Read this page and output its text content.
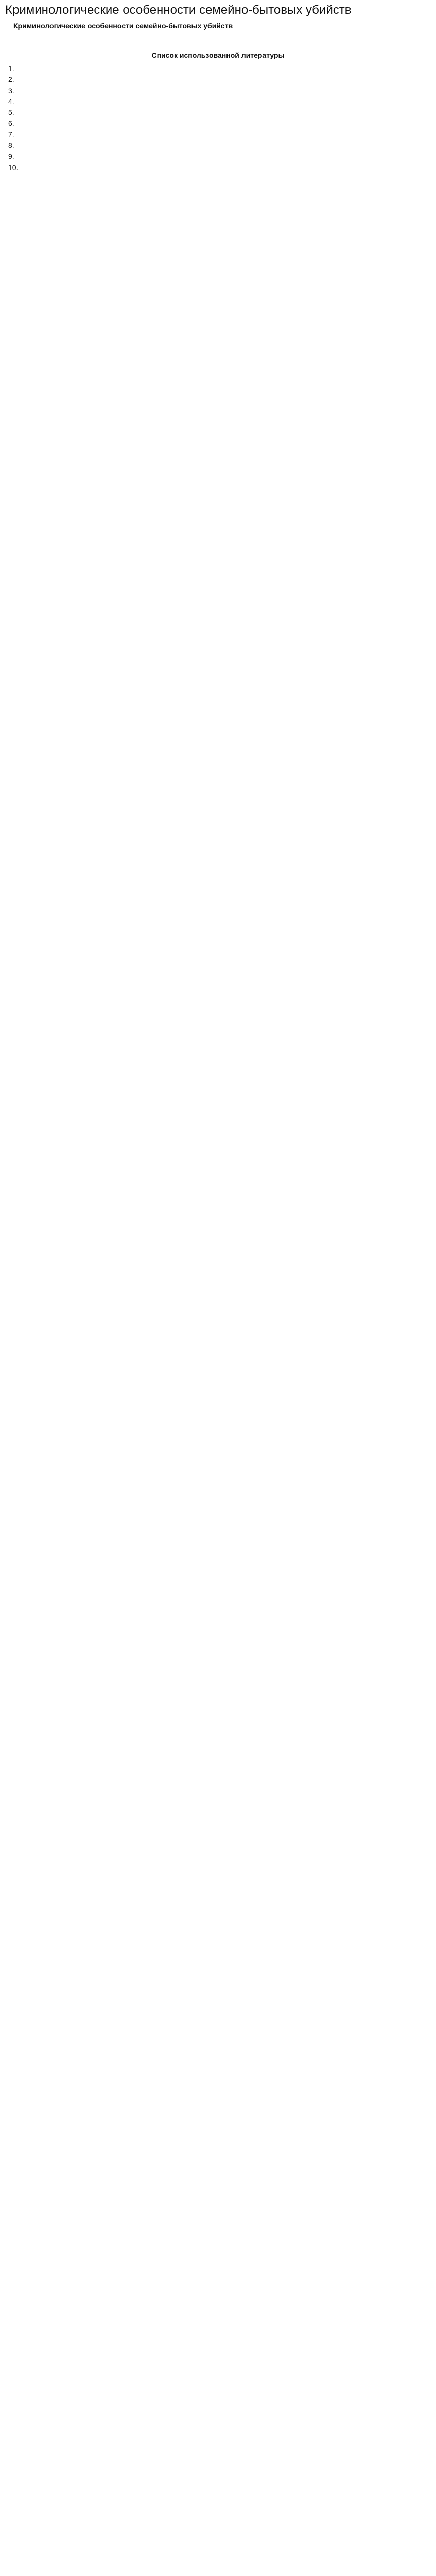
Криминологические особенности семейно-бытовых убийств
Криминологические особенности семейно-бытовых убийств

Список использованной литературы
1.
2.
3.
4.
5.
6.
7.
8.
9.
10.
